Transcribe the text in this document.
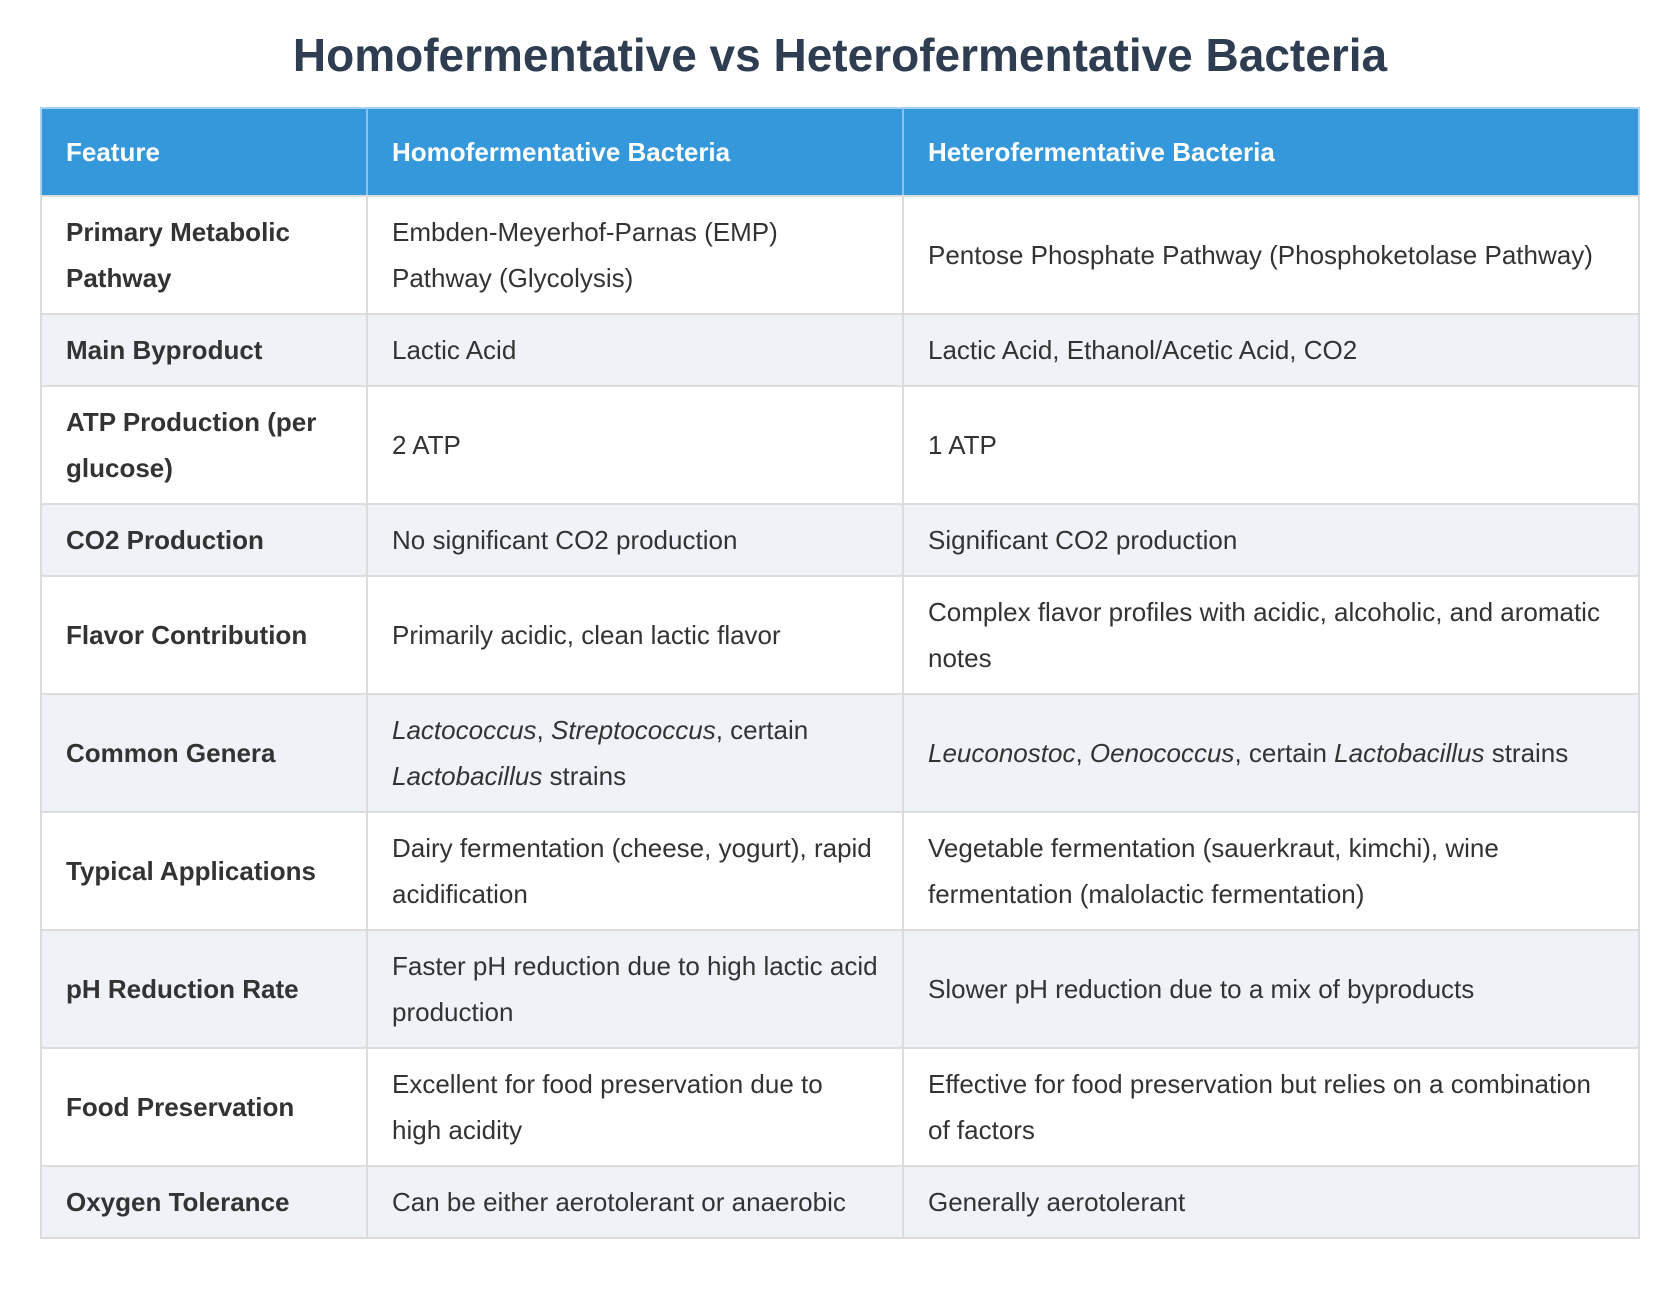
Homofermentative vs Heterofermentative Bacteria
Feature	Homofermentative Bacteria	Heterofermentative Bacteria
Primary Metabolic Pathway	Embden-Meyerhof-Parnas (EMP) Pathway (Glycolysis)	Pentose Phosphate Pathway (Phosphoketolase Pathway)
Main Byproduct	Lactic Acid	Lactic Acid, Ethanol/Acetic Acid, CO2
ATP Production (per glucose)	2 ATP	1 ATP
CO2 Production	No significant CO2 production	Significant CO2 production
Flavor Contribution	Primarily acidic, clean lactic flavor	Complex flavor profiles with acidic, alcoholic, and aromatic notes
Common Genera	Lactococcus, Streptococcus, certain Lactobacillus strains	Leuconostoc, Oenococcus, certain Lactobacillus strains
Typical Applications	Dairy fermentation (cheese, yogurt), rapid acidification	Vegetable fermentation (sauerkraut, kimchi), wine fermentation (malolactic fermentation)
pH Reduction Rate	Faster pH reduction due to high lactic acid production	Slower pH reduction due to a mix of byproducts
Food Preservation	Excellent for food preservation due to high acidity	Effective for food preservation but relies on a combination of factors
Oxygen Tolerance	Can be either aerotolerant or anaerobic	Generally aerotolerant
